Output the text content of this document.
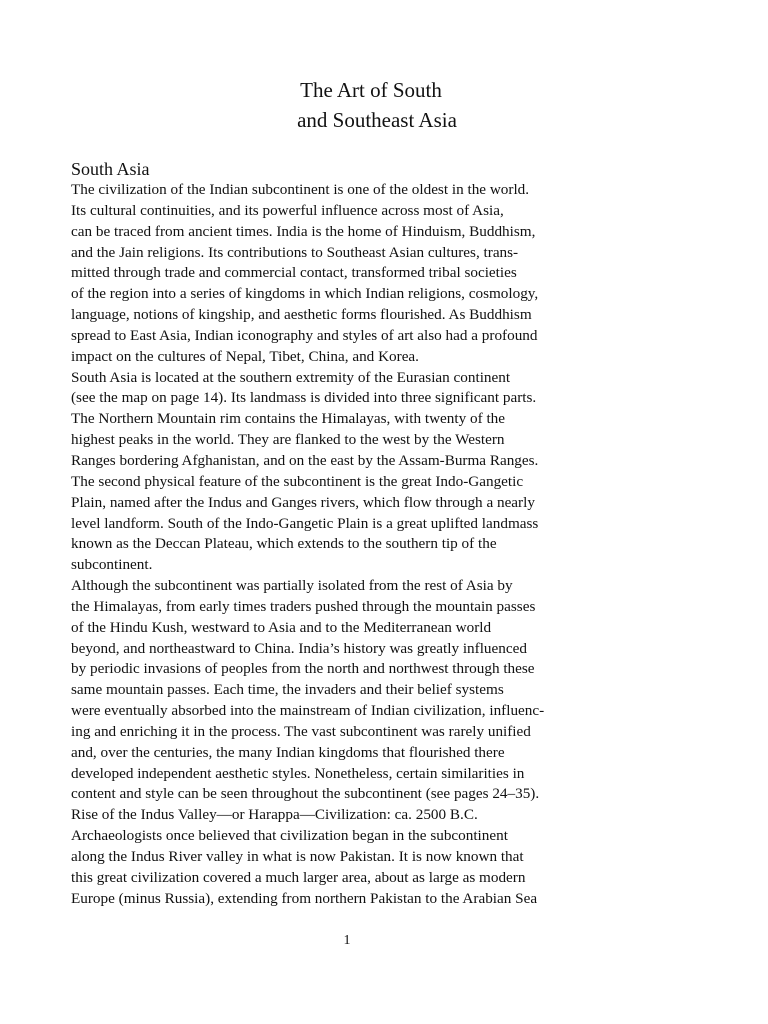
The Art of South
and Southeast Asia
South Asia
The civilization of the Indian subcontinent is one of the oldest in the world.
Its cultural continuities, and its powerful influence across most of Asia,
can be traced from ancient times. India is the home of Hinduism, Buddhism,
and the Jain religions. Its contributions to Southeast Asian cultures, trans-
mitted through trade and commercial contact, transformed tribal societies
of the region into a series of kingdoms in which Indian religions, cosmology,
language, notions of kingship, and aesthetic forms flourished. As Buddhism
spread to East Asia, Indian iconography and styles of art also had a profound
impact on the cultures of Nepal, Tibet, China, and Korea.
South Asia is located at the southern extremity of the Eurasian continent
(see the map on page 14). Its landmass is divided into three significant parts.
The Northern Mountain rim contains the Himalayas, with twenty of the
highest peaks in the world. They are flanked to the west by the Western
Ranges bordering Afghanistan, and on the east by the Assam-Burma Ranges.
The second physical feature of the subcontinent is the great Indo-Gangetic
Plain, named after the Indus and Ganges rivers, which flow through a nearly
level landform. South of the Indo-Gangetic Plain is a great uplifted landmass
known as the Deccan Plateau, which extends to the southern tip of the
subcontinent.
Although the subcontinent was partially isolated from the rest of Asia by
the Himalayas, from early times traders pushed through the mountain passes
of the Hindu Kush, westward to Asia and to the Mediterranean world
beyond, and northeastward to China. India’s history was greatly influenced
by periodic invasions of peoples from the north and northwest through these
same mountain passes. Each time, the invaders and their belief systems
were eventually absorbed into the mainstream of Indian civilization, influenc-
ing and enriching it in the process. The vast subcontinent was rarely unified
and, over the centuries, the many Indian kingdoms that flourished there
developed independent aesthetic styles. Nonetheless, certain similarities in
content and style can be seen throughout the subcontinent (see pages 24–35).
Rise of the Indus Valley—or Harappa—Civilization: ca. 2500 B.C.
Archaeologists once believed that civilization began in the subcontinent
along the Indus River valley in what is now Pakistan. It is now known that
this great civilization covered a much larger area, about as large as modern
Europe (minus Russia), extending from northern Pakistan to the Arabian Sea
1
